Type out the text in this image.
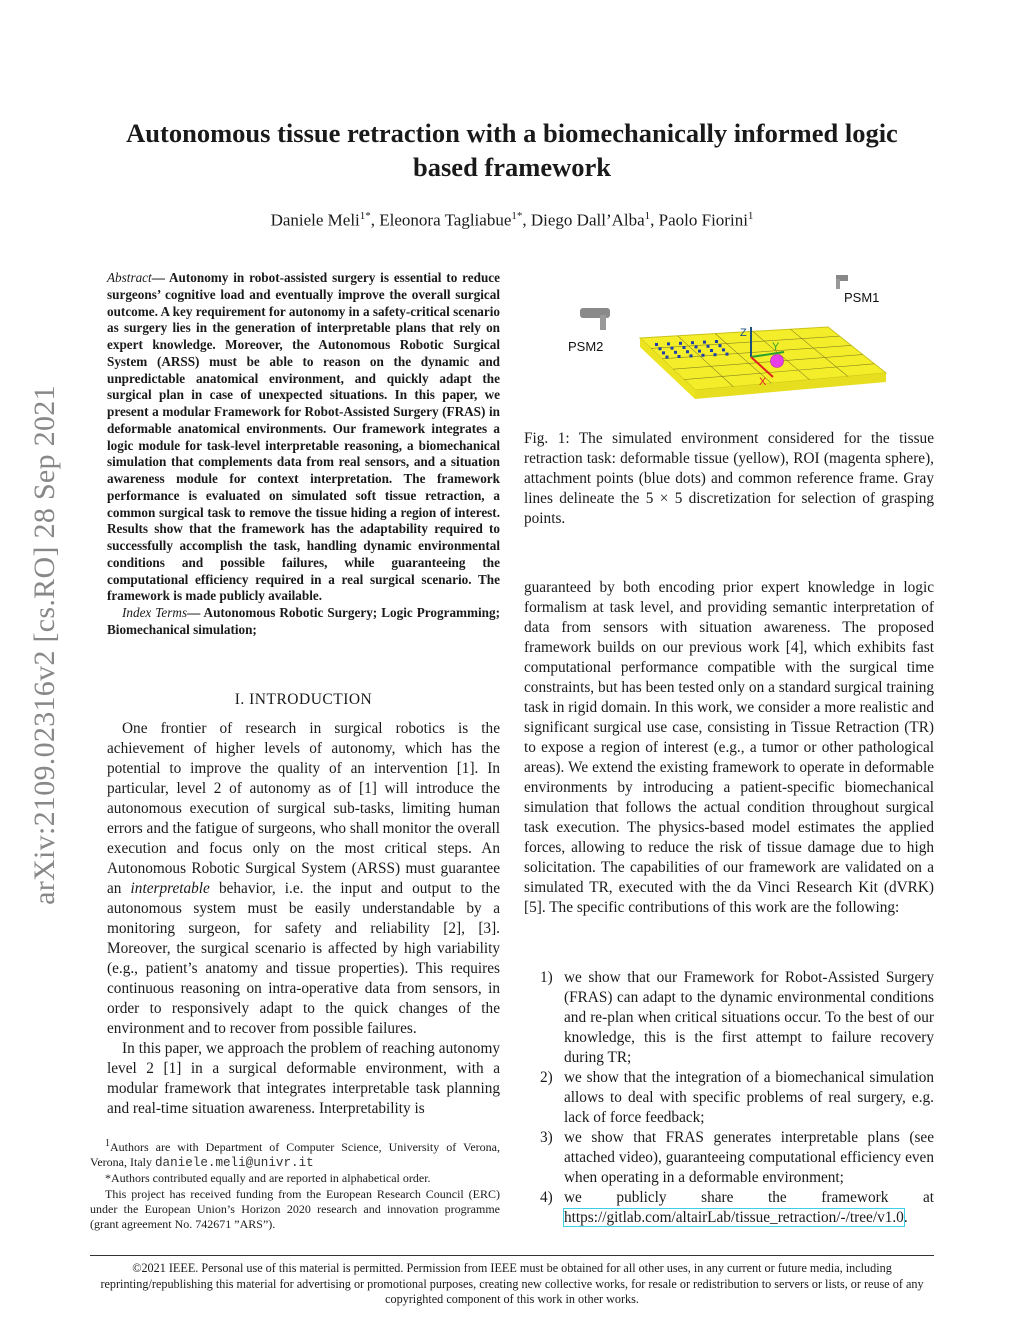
arXiv:2109.02316v2 [cs.RO] 28 Sep 2021
Autonomous tissue retraction with a biomechanically informed logic based framework
Daniele Meli$^{1*}$, Eleonora Tagliabue$^{1*}$, Diego Dall’Alba$^1$, Paolo Fiorini$^1$

Abstract— Autonomy in robot-assisted surgery is essential to reduce surgeons’ cognitive load and eventually improve the overall surgical outcome. A key requirement for autonomy in a safety-critical scenario as surgery lies in the generation of interpretable plans that rely on expert knowledge. Moreover, the Autonomous Robotic Surgical System (ARSS) must be able to reason on the dynamic and unpredictable anatomical environment, and quickly adapt the surgical plan in case of unexpected situations. In this paper, we present a modular Framework for Robot-Assisted Surgery (FRAS) in deformable anatomical environments. Our framework integrates a logic module for task-level interpretable reasoning, a biomechanical simulation that complements data from real sensors, and a situation awareness module for context interpretation. The framework performance is evaluated on simulated soft tissue retraction, a common surgical task to remove the tissue hiding a region of interest. Results show that the framework has the adaptability required to successfully accomplish the task, handling dynamic environmental conditions and possible failures, while guaranteeing the computational efficiency required in a real surgical scenario. The framework is made publicly available.

Index Terms— Autonomous Robotic Surgery; Logic Programming; Biomechanical simulation;

I. INTRODUCTION

One frontier of research in surgical robotics is the achievement of higher levels of autonomy, which has the potential to improve the quality of an intervention [1]. In particular, level 2 of autonomy as of [1] will introduce the autonomous execution of surgical sub-tasks, limiting human errors and the fatigue of surgeons, who shall monitor the overall execution and focus only on the most critical steps. An Autonomous Robotic Surgical System (ARSS) must guarantee an interpretable behavior, i.e. the input and output to the autonomous system must be easily understandable by a monitoring surgeon, for safety and reliability [2], [3]. Moreover, the surgical scenario is affected by high variability (e.g., patient’s anatomy and tissue properties). This requires continuous reasoning on intra-operative data from sensors, in order to responsively adapt to the quick changes of the environment and to recover from possible failures.

In this paper, we approach the problem of reaching autonomy level 2 [1] in a surgical deformable environment, with a modular framework that integrates interpretable task planning and real-time situation awareness. Interpretability is

$^1$Authors are with Department of Computer Science, University of Verona, Verona, Italy daniele.meli@univr.it

*Authors contributed equally and are reported in alphabetical order.

This project has received funding from the European Research Council (ERC) under the European Union’s Horizon 2020 research and innovation programme (grant agreement No. 742671 ”ARS”).

PSM1
PSM2
Z
Y
X

Fig. 1: The simulated environment considered for the tissue retraction task: deformable tissue (yellow), ROI (magenta sphere), attachment points (blue dots) and common reference frame. Gray lines delineate the 5 × 5 discretization for selection of grasping points.

guaranteed by both encoding prior expert knowledge in logic formalism at task level, and providing semantic interpretation of data from sensors with situation awareness. The proposed framework builds on our previous work [4], which exhibits fast computational performance compatible with the surgical time constraints, but has been tested only on a standard surgical training task in rigid domain. In this work, we consider a more realistic and significant surgical use case, consisting in Tissue Retraction (TR) to expose a region of interest (e.g., a tumor or other pathological areas). We extend the existing framework to operate in deformable environments by introducing a patient-specific biomechanical simulation that follows the actual condition throughout surgical task execution. The physics-based model estimates the applied forces, allowing to reduce the risk of tissue damage due to high solicitation. The capabilities of our framework are validated on a simulated TR, executed with the da Vinci Research Kit (dVRK) [5]. The specific contributions of this work are the following:

1) we show that our Framework for Robot-Assisted Surgery (FRAS) can adapt to the dynamic environmental conditions and re-plan when critical situations occur. To the best of our knowledge, this is the first attempt to failure recovery during TR;
2) we show that the integration of a biomechanical simulation allows to deal with specific problems of real surgery, e.g. lack of force feedback;
3) we show that FRAS generates interpretable plans (see attached video), guaranteeing computational efficiency even when operating in a deformable environment;
4) we publicly share the framework at https://gitlab.com/altairLab/tissue_retraction/-/tree/v1.0.
©2021 IEEE. Personal use of this material is permitted. Permission from IEEE must be obtained for all other uses, in any current or future media, including reprinting/republishing this material for advertising or promotional purposes, creating new collective works, for resale or redistribution to servers or lists, or reuse of any copyrighted component of this work in other works.
